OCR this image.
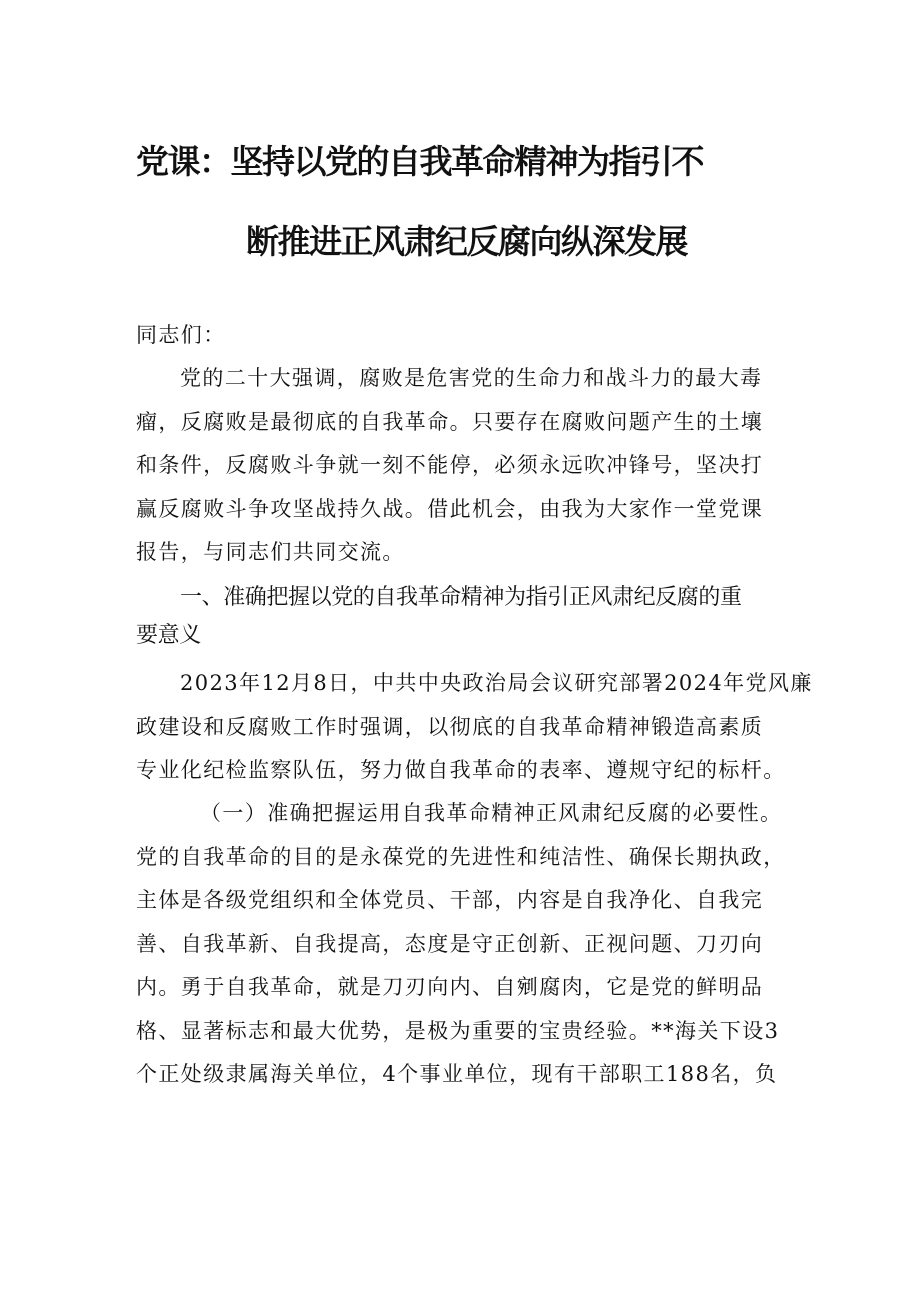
党课：坚持以党的自我革命精神为指引不
断推进正风肃纪反腐向纵深发展
同志们：
党的二十大强调，腐败是危害党的生命力和战斗力的最大毒
瘤，反腐败是最彻底的自我革命。只要存在腐败问题产生的土壤
和条件，反腐败斗争就一刻不能停，必须永远吹冲锋号，坚决打
赢反腐败斗争攻坚战持久战。借此机会，由我为大家作一堂党课
报告，与同志们共同交流。
一、准确把握以党的自我革命精神为指引正风肃纪反腐的重
要意义
2023年12月8日，中共中央政治局会议研究部署2024年党风廉
政建设和反腐败工作时强调，以彻底的自我革命精神锻造高素质
专业化纪检监察队伍，努力做自我革命的表率、遵规守纪的标杆。
（一）准确把握运用自我革命精神正风肃纪反腐的必要性。
党的自我革命的目的是永葆党的先进性和纯洁性、确保长期执政，
主体是各级党组织和全体党员、干部，内容是自我净化、自我完
善、自我革新、自我提高，态度是守正创新、正视问题、刀刃向
内。勇于自我革命，就是刀刃向内、自剜腐肉，它是党的鲜明品
格、显著标志和最大优势，是极为重要的宝贵经验。**海关下设3
个正处级隶属海关单位，4个事业单位，现有干部职工188名，负
